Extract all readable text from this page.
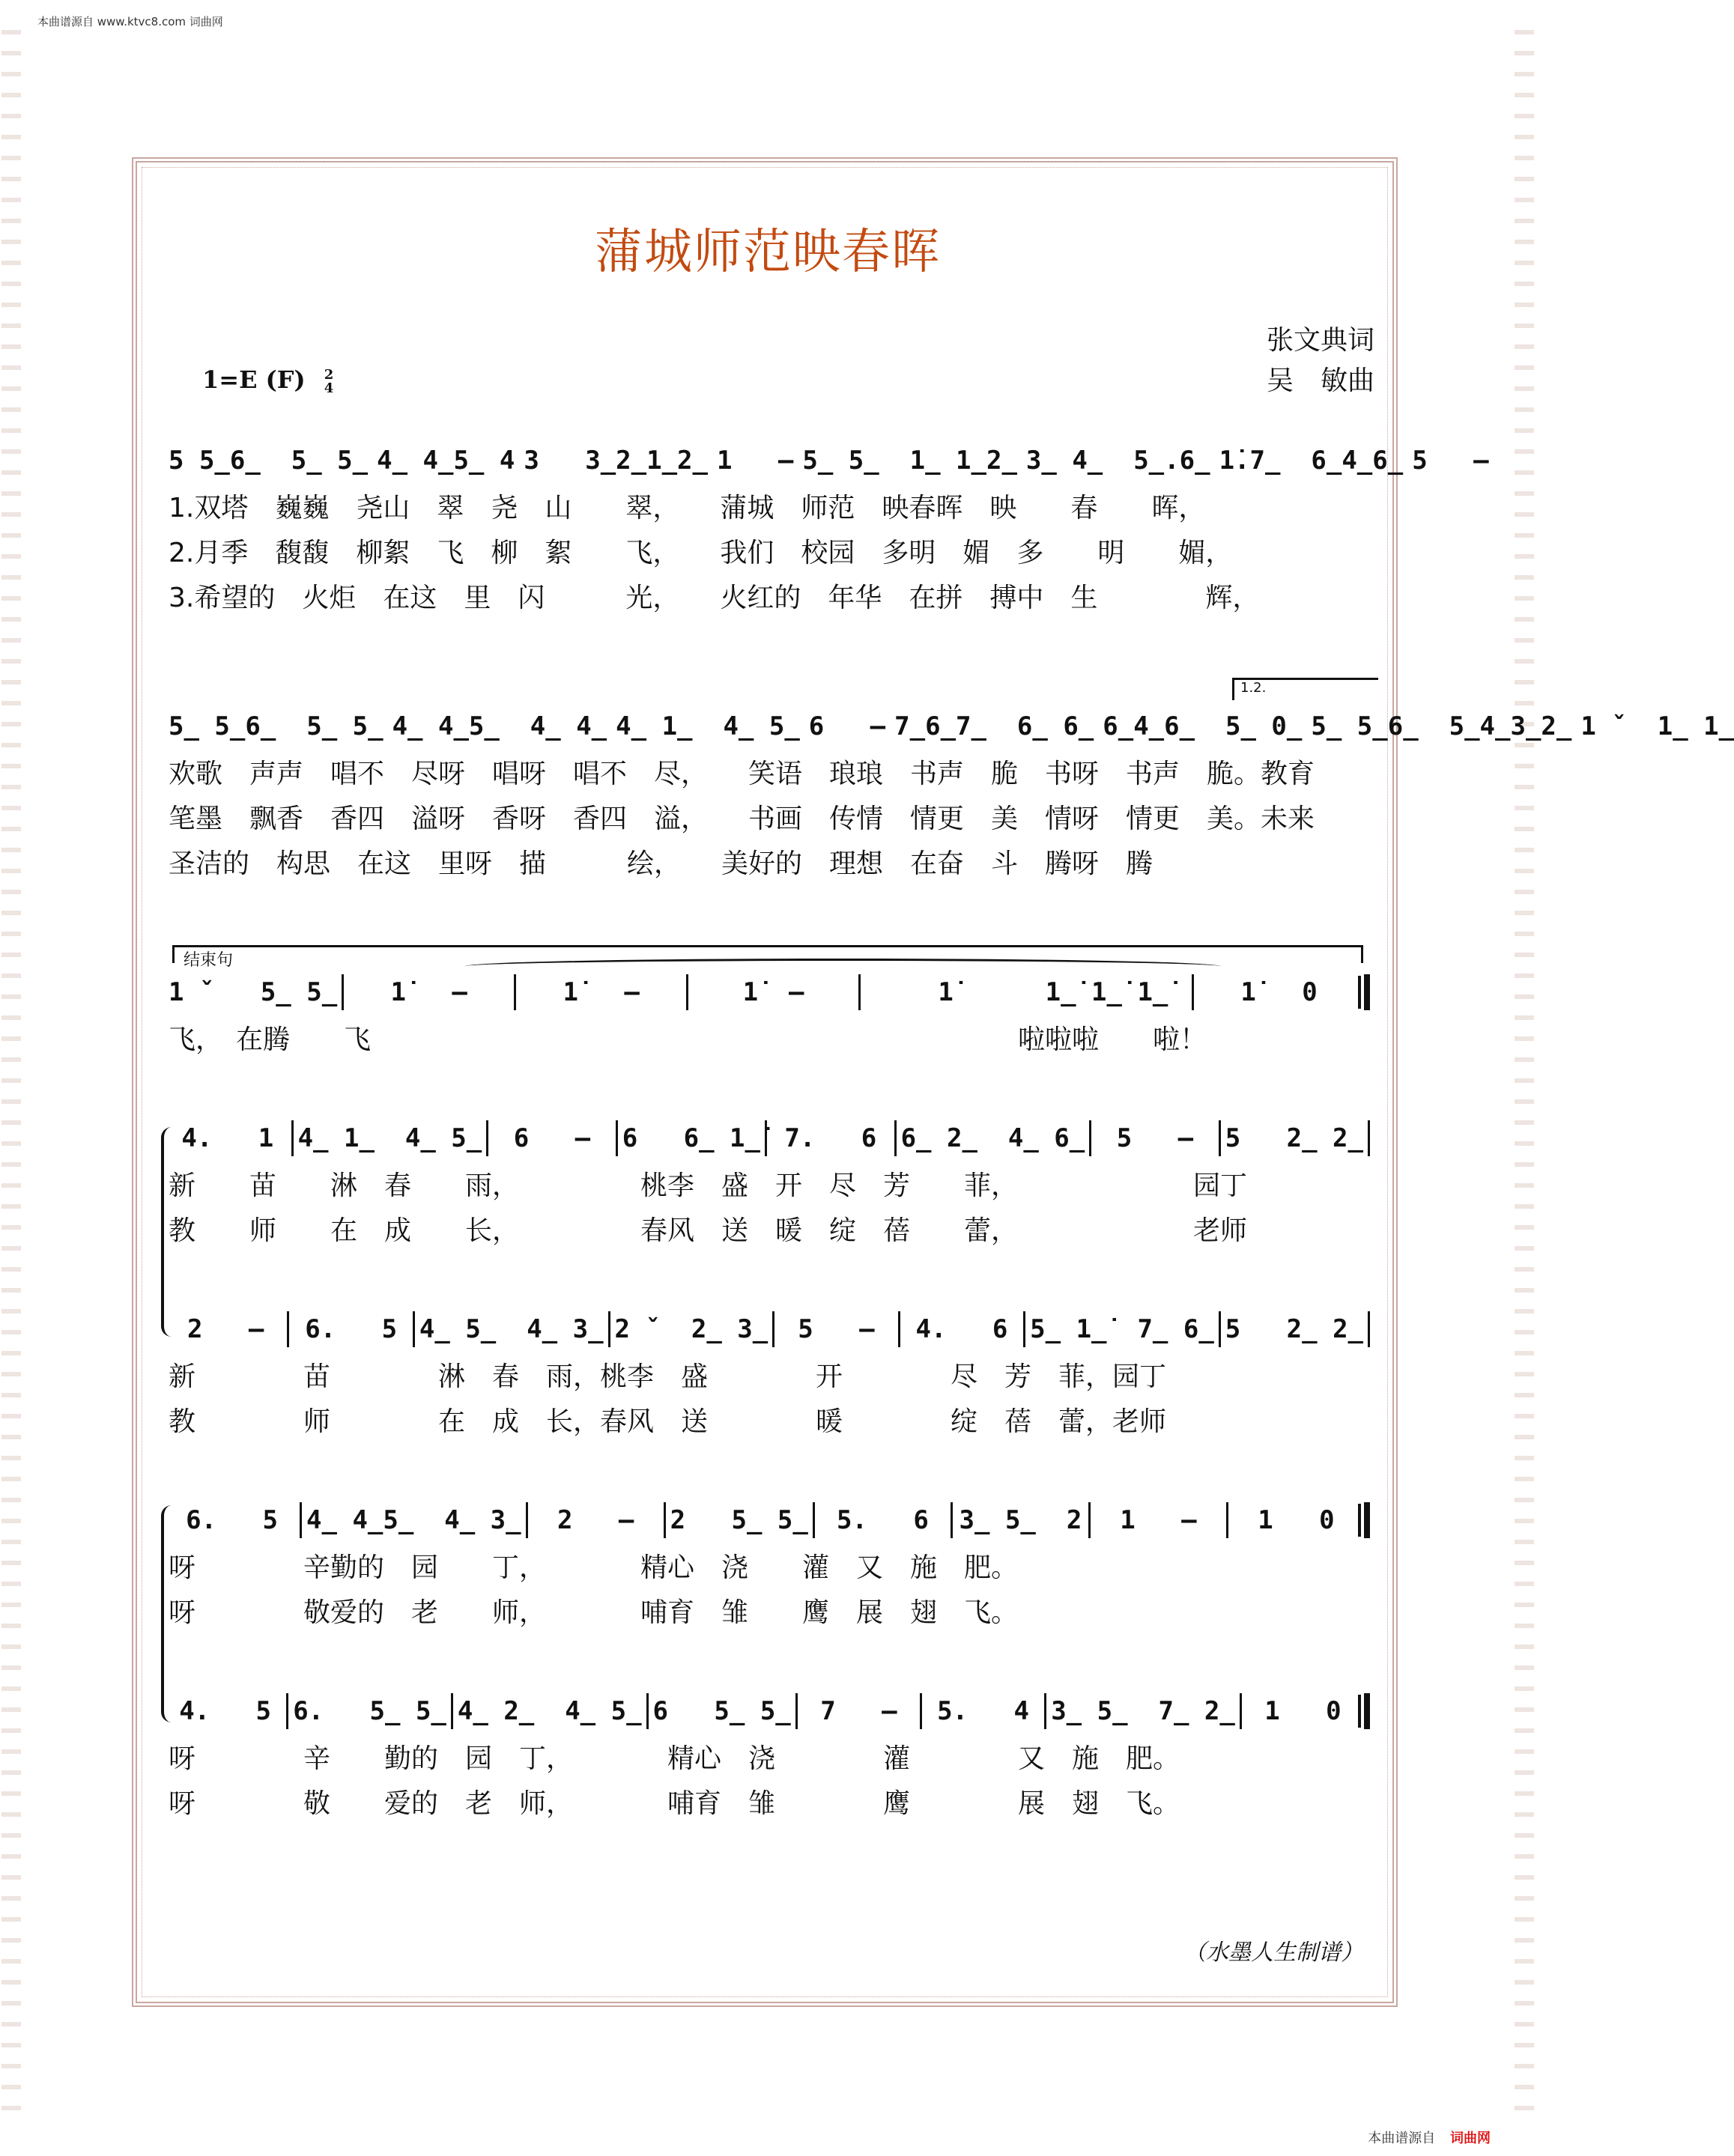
本曲谱源自 www.ktvc8.com 词曲网
蒲城师范映春晖
张文典词
吴　敏曲
1=E (F) 2
4
5 5̲6̲  5̲ 5̲ 4̲ 4̲5̲ 4 3   3̲2̲1̲2̲ 1   – 5̲ 5̲  1̲ 1̲2̲ 3̲ 4̲  5̲.6̲ 1̇.7̲  6̲4̲6̲ 5   –
1.双塔　巍巍　尧山　翠　尧　山　　翠，　　蒲城　师范　映春晖　映　　春　　晖，
2.月季　馥馥　柳絮　飞　柳　絮　　飞，　　我们　校园　多明　媚　多　　明　　媚，
3.希望的　火炬　在这　里　闪　　　光，　　火红的　年华　在拼　搏中　生　　　　辉，
1.2.
5̲ 5̲6̲  5̲ 5̲ 4̲ 4̲5̲  4̲ 4̲ 4̲ 1̲  4̲ 5̲ 6   – 7̲6̲7̲  6̲ 6̲ 6̲4̲6̲  5̲ 0̲ 5̲ 5̲6̲  5̲4̲3̲2̲ 1 ˇ  1̲ 1̲
欢歌　声声　唱不　尽呀　唱呀　唱不　尽，　　笑语　琅琅　书声　脆　书呀　书声　脆。教育
笔墨　飘香　香四　溢呀　香呀　香四　溢，　　书画　传情　情更　美　情呀　情更　美。未来
圣洁的　构思　在这　里呀　描　　　绘，　　美好的　理想　在奋　斗　腾呀　腾
结束句
1 ˇ   5̲ 5̲	1̇   –	1̇   –	1̇  –	1̇	1̲̇ 1̲̇ 1̲̇	1̇   0
飞，　在腾　　飞　　　　　　　　　　　　　　　　　　　　　　　　啦啦啦　　啦！
4.   1 4̲ 1̲  4̲ 5̲	6   –	6   6̲ 1̲̇ 7.   6 6̲ 2̲  4̲ 6̲	5   –	5   2̲ 2̲
新　　苗　　淋　春　　雨，　　　　　桃李　盛　开　尽　芳　　菲，　　　　　　　园丁
教　　师　　在　成　　长，　　　　　春风　送　暖　绽　蓓　　蕾，　　　　　　　老师
2   –	6.   5 4̲ 5̲  4̲ 3̲ 2 ˇ  2̲ 3̲	5   –	4.   6 5̲ 1̲̇  7̲ 6̲ 5   2̲ 2̲
新　　　　苗　　　　淋　春　雨，桃李　盛　　　　开　　　　尽　芳　菲，园丁
教　　　　师　　　　在　成　长，春风　送　　　　暖　　　　绽　蓓　蕾，老师
6.   5	4̲ 4̲5̲  4̲ 3̲	2   –	2   5̲ 5̲	5.   6	3̲ 5̲  2	1   –	1   0
呀　　　　辛勤的　园　　丁，　　　　精心　浇　　灌　又　施　肥。
呀　　　　敬爱的　老　　师，　　　　哺育　雏　　鹰　展　翅　飞。
4.   5 6.   5̲ 5̲ 4̲ 2̲  4̲ 5̲ 6   5̲ 5̲	7   –	5.   4 3̲ 5̲  7̲ 2̲	1   0
呀　　　　辛　　勤的　园　丁，　　　　精心　浇　　　　灌　　　　又　施　肥。
呀　　　　敬　　爱的　老　师，　　　　哺育　雏　　　　鹰　　　　展　翅　飞。
（水墨人生制谱）
本曲谱源自 词曲网
